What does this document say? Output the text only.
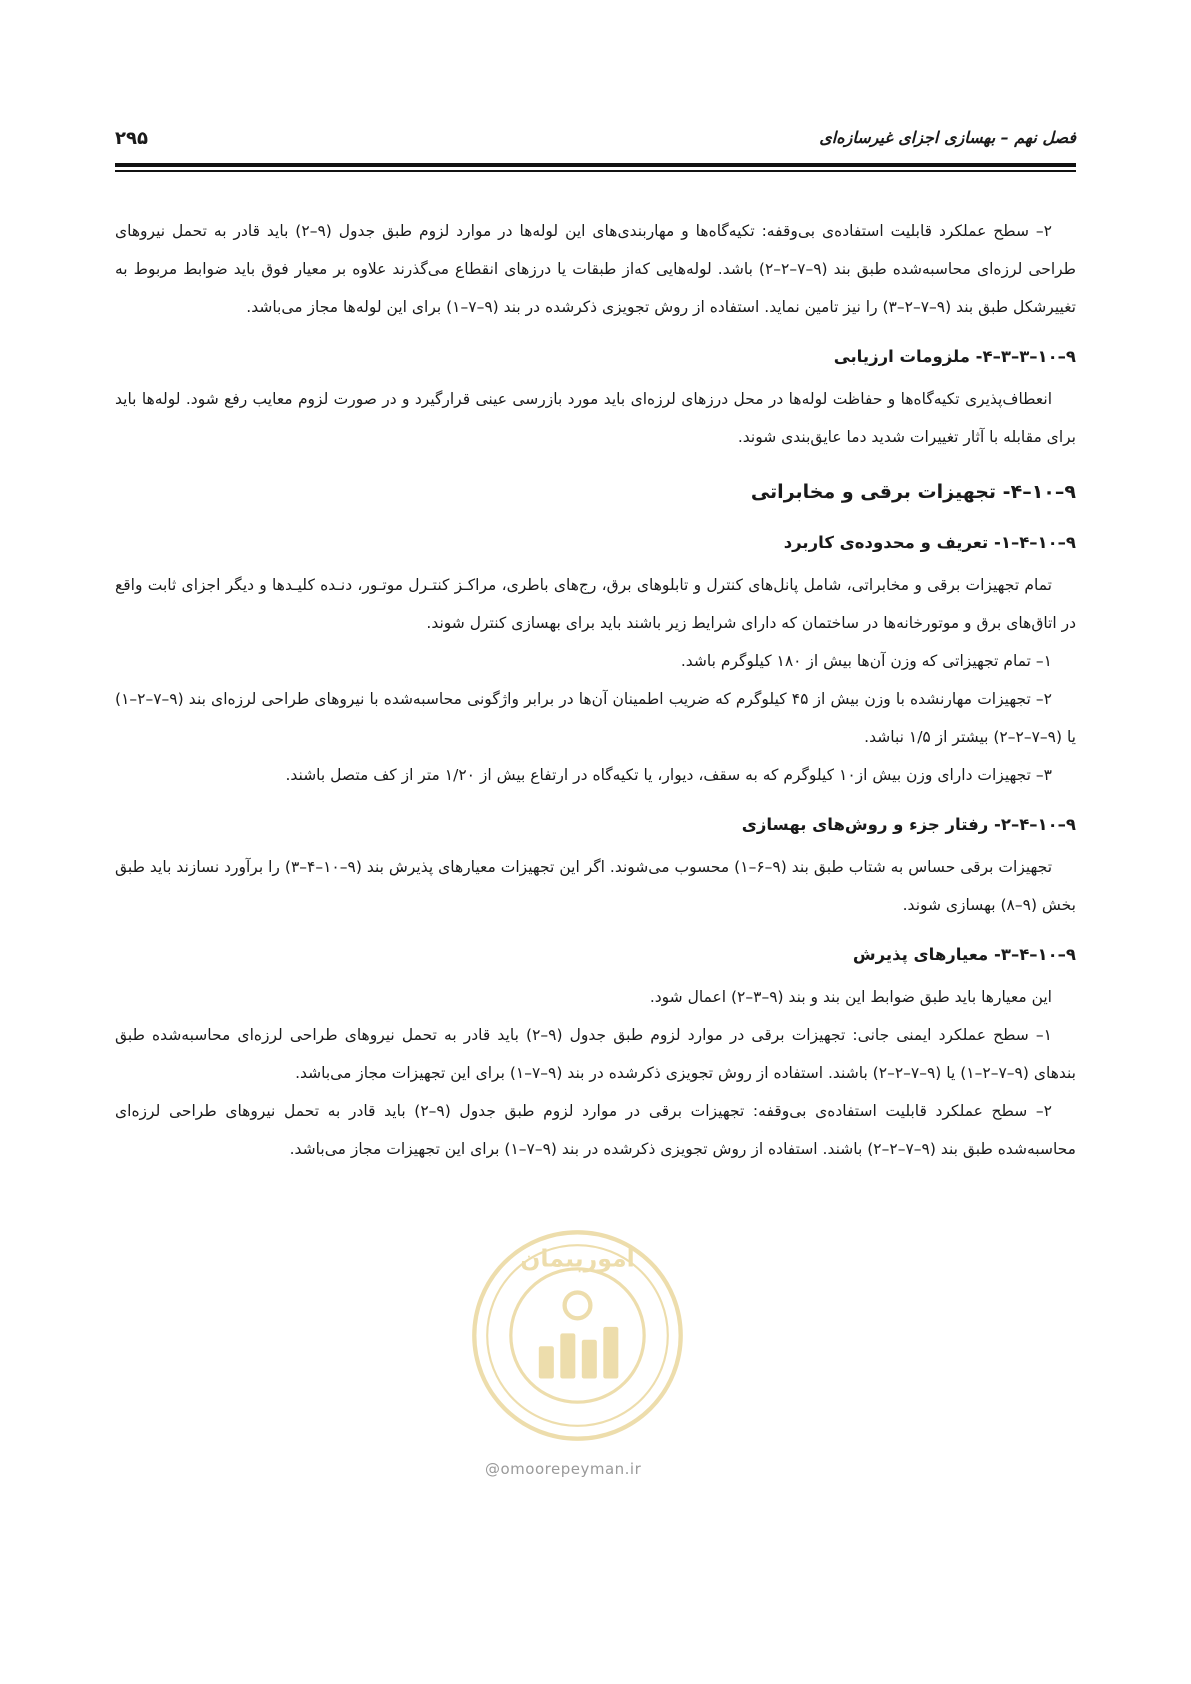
فصل نهم – بهسازی اجزای غیرسازه‌ای
۲۹۵

۲– سطح عملکرد قابلیت استفاده‌ی بی‌وقفه: تکیه‌گاه‌ها و مهاربندی‌های این لوله‌ها در موارد لزوم طبق جدول (۹–۲) باید قادر به تحمل نیروهای طراحی لرزه‌ای محاسبه‌شده طبق بند (۹–۷–۲–۲) باشد. لوله‌هایی که‌از طبقات یا درزهای انقطاع می‌گذرند علاوه بر معیار فوق باید ضوابط مربوط به تغییرشکل طبق بند (۹–۷–۲–۳) را نیز تامین نماید. استفاده از روش تجویزی ذکرشده در بند (۹–۷–۱) برای این لوله‌ها مجاز می‌باشد.

۹–۱۰–۳–۳–۴- ملزومات ارزیابی

انعطاف‌پذیری تکیه‌گاه‌ها و حفاظت لوله‌ها در محل درزهای لرزه‌ای باید مورد بازرسی عینی قرارگیرد و در صورت لزوم معایب رفع شود. لوله‌ها باید برای مقابله با آثار تغییرات شدید دما عایق‌بندی شوند.

۹–۱۰–۴- تجهیزات برقی و مخابراتی
۹–۱۰–۴–۱- تعریف و محدوده‌ی کاربرد

تمام تجهیزات برقی و مخابراتی، شامل پانل‌های کنترل و تابلوهای برق، رج‌های باطری، مراکـز کنتـرل موتـور، دنـده کلیـدها و دیگر اجزای ثابت واقع در اتاق‌های برق و موتورخانه‌ها در ساختمان که دارای شرایط زیر باشند باید برای بهسازی کنترل شوند.

۱– تمام تجهیزاتی که وزن آن‌ها بیش از ۱۸۰ کیلوگرم باشد.

۲– تجهیزات مهارنشده با وزن بیش از ۴۵ کیلوگرم که ضریب اطمینان آن‌ها در برابر واژگونی محاسبه‌شده با نیروهای طراحی لرزه‌ای بند (۹–۷–۲–۱) یا (۹–۷–۲–۲) بیشتر از ۱/۵ نباشد.

۳– تجهیزات دارای وزن بیش از۱۰ کیلوگرم که به سقف، دیوار، یا تکیه‌گاه در ارتفاع بیش از ۱/۲۰ متر از کف متصل باشند.

۹–۱۰–۴–۲- رفتار جزء و روش‌های بهسازی

تجهیزات برقی حساس به شتاب طبق بند (۹–۶–۱) محسوب می‌شوند. اگر این تجهیزات معیارهای پذیرش بند (۹–۱۰–۴–۳) را برآورد نسازند باید طبق بخش (۹–۸) بهسازی شوند.

۹–۱۰–۴–۳- معیارهای پذیرش

این معیارها باید طبق ضوابط این بند و بند (۹–۳–۲) اعمال شود.

۱– سطح عملکرد ایمنی جانی: تجهیزات برقی در موارد لزوم طبق جدول (۹–۲) باید قادر به تحمل نیروهای طراحی لرزه‌ای محاسبه‌شده طبق بندهای (۹–۷–۲–۱) یا (۹–۷–۲–۲) باشند. استفاده از روش تجویزی ذکرشده در بند (۹–۷–۱) برای این تجهیزات مجاز می‌باشد.

۲– سطح عملکرد قابلیت استفاده‌ی بی‌وقفه: تجهیزات برقی در موارد لزوم طبق جدول (۹–۲) باید قادر به تحمل نیروهای طراحی لرزه‌ای محاسبه‌شده طبق بند (۹–۷–۲–۲) باشند. استفاده از روش تجویزی ذکرشده در بند (۹–۷–۱) برای این تجهیزات مجاز می‌باشد.

امورپیمان
@omoorepeyman.ir
